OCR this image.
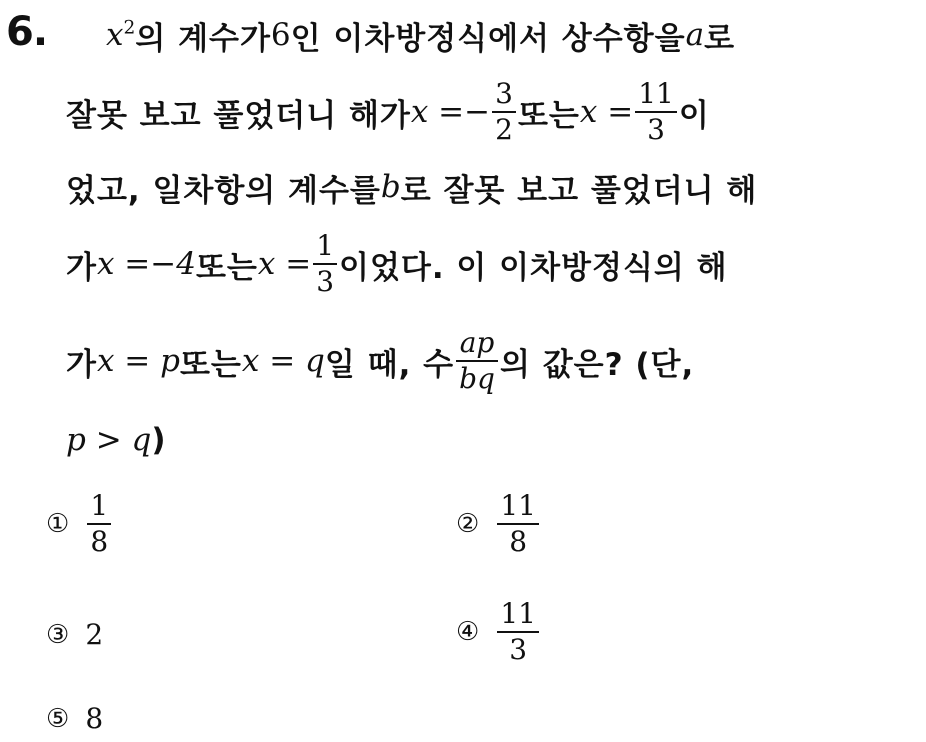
6. $x^2$ 의 계수가 6 인 이차방정식에서 상수항을 a 로
잘못 보고 풀었더니 해가 $x =- \frac{3}{2}$ 또는 $x = \frac{11}{3}$ 이
었고, 일차항의 계수를 b 로 잘못 보고 풀었더니 해
가 x =−4 또는 $x = \frac{1}{3}$ 이었다. 이 이차방정식의 해
가 x = p 또는 x = q 일 때, 수 $\frac{ap}{bq}$ 의 값은? (단,
p > q )
① $\frac{1}{8}$	② $\frac{11}{8}$
③ 2	④ $\frac{11}{3}$
⑤ 8
